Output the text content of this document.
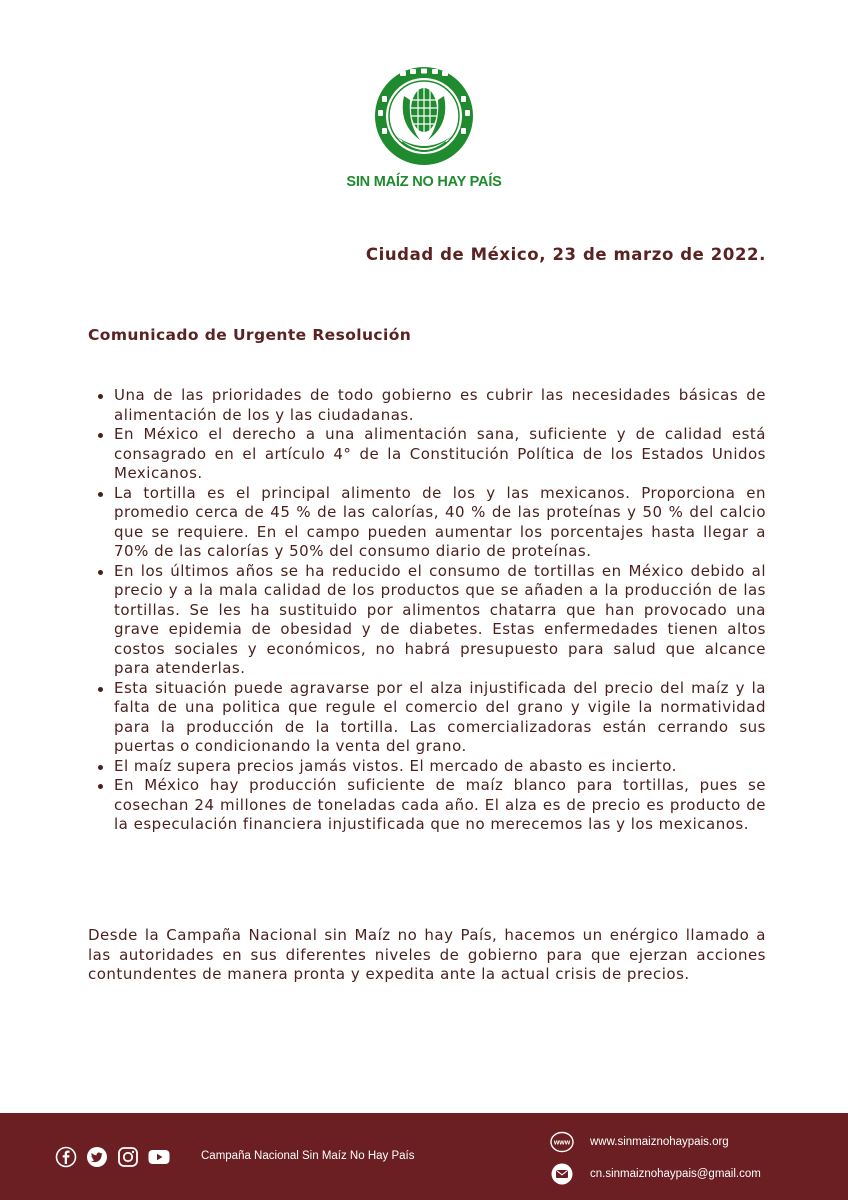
SIN MAÍZ NO HAY PAÍS
Ciudad de México, 23 de marzo de 2022.
Comunicado de Urgente Resolución
Una de las prioridades de todo gobierno es cubrir las necesidades básicas de alimentación de los y las ciudadanas.
En México el derecho a una alimentación sana, suficiente y de calidad está consagrado en el artículo 4° de la Constitución Política de los Estados Unidos Mexicanos.
La tortilla es el principal alimento de los y las mexicanos. Proporciona en promedio cerca de 45 % de las calorías, 40 % de las proteínas y 50 % del calcio que se requiere. En el campo pueden aumentar los porcentajes hasta llegar a 70% de las calorías y 50% del consumo diario de proteínas.
En los últimos años se ha reducido el consumo de tortillas en México debido al precio y a la mala calidad de los productos que se añaden a la producción de las tortillas. Se les ha sustituido por alimentos chatarra que han provocado una grave epidemia de obesidad y de diabetes. Estas enfermedades tienen altos costos sociales y económicos, no habrá presupuesto para salud que alcance para atenderlas.
Esta situación puede agravarse por el alza injustificada del precio del maíz y la falta de una politica que regule el comercio del grano y vigile la normatividad para la producción de la tortilla. Las comercializadoras están cerrando sus puertas o condicionando la venta del grano.
El maíz supera precios jamás vistos. El mercado de abasto es incierto.
En México hay producción suficiente de maíz blanco para tortillas, pues se cosechan 24 millones de toneladas cada año. El alza es de precio es producto de la especulación financiera injustificada que no merecemos las y los mexicanos.

Desde la Campaña Nacional sin Maíz no hay País, hacemos un enérgico llamado a las autoridades en sus diferentes niveles de gobierno para que ejerzan acciones contundentes de manera pronta y expedita ante la actual crisis de precios.

Campaña Nacional Sin Maíz No Hay País
www www.sinmaiznohaypais.org
cn.sinmaiznohaypais@gmail.com
